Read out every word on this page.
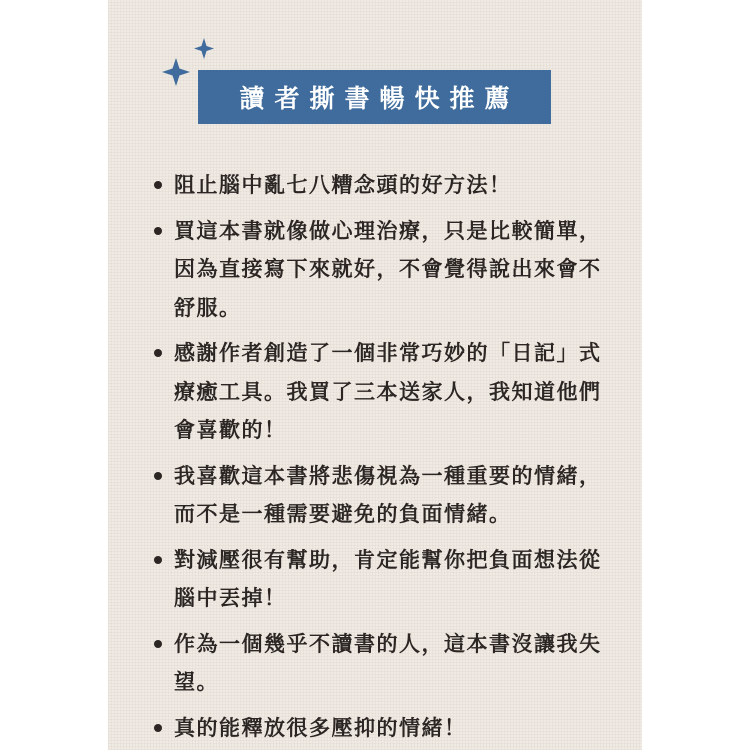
讀者撕書暢快推薦
阻止腦中亂七八糟念頭的好方法！
買這本書就像做心理治療，只是比較簡單，因為直接寫下來就好，不會覺得說出來會不舒服。
感謝作者創造了一個非常巧妙的「日記」式療癒工具。我買了三本送家人，我知道他們會喜歡的！
我喜歡這本書將悲傷視為一種重要的情緒，而不是一種需要避免的負面情緒。
對減壓很有幫助，肯定能幫你把負面想法從腦中丟掉！
作為一個幾乎不讀書的人，這本書沒讓我失望。
真的能釋放很多壓抑的情緒！
